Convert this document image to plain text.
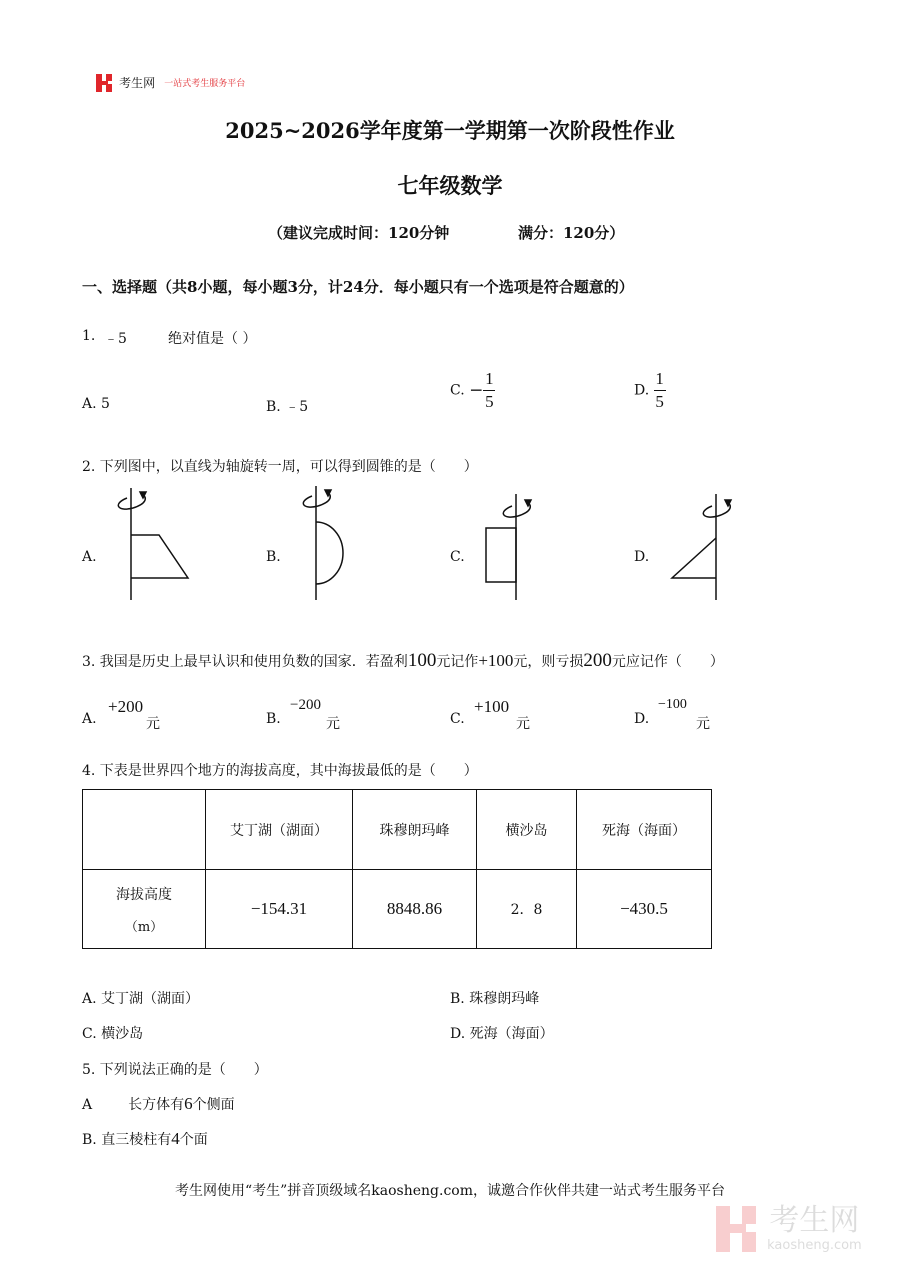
考生网 一站式考生服务平台
2025~2026学年度第一学期第一次阶段性作业
七年级数学
（建议完成时间：120分钟	满分：120分）
一、选择题（共8小题，每小题3分，计24分．每小题只有一个选项是符合题意的）
1. ﹣5	绝对值是（ ）
A. 5	B. ﹣5
C. − $\frac{1}{5}$	D. $\frac{1}{5}$
2. 下列图中，以直线为轴旋转一周，可以得到圆锥的是（　　）
A.	B.	C.	D.
3. 我国是历史上最早认识和使用负数的国家．若盈利100元记作+100元，则亏损200元应记作（　　）
A.
+200
元	B.
−200
元	C.
+100
元	D.
−100
元
4. 下表是世界四个地方的海拔高度，其中海拔最低的是（　　）
	艾丁湖（湖面）	珠穆朗玛峰	横沙岛	死海（海面）

海拔高度
（m）	−154.31	8848.86	2．8	−430.5
A. 艾丁湖（湖面）	B. 珠穆朗玛峰
C. 横沙岛	D. 死海（海面）
5. 下列说法正确的是（　　）
A	长方体有6个侧面
B. 直三棱柱有4个面
考生网使用“考生”拼音顶级域名kaosheng.com，诚邀合作伙伴共建一站式考生服务平台

考生网
kaosheng.com
